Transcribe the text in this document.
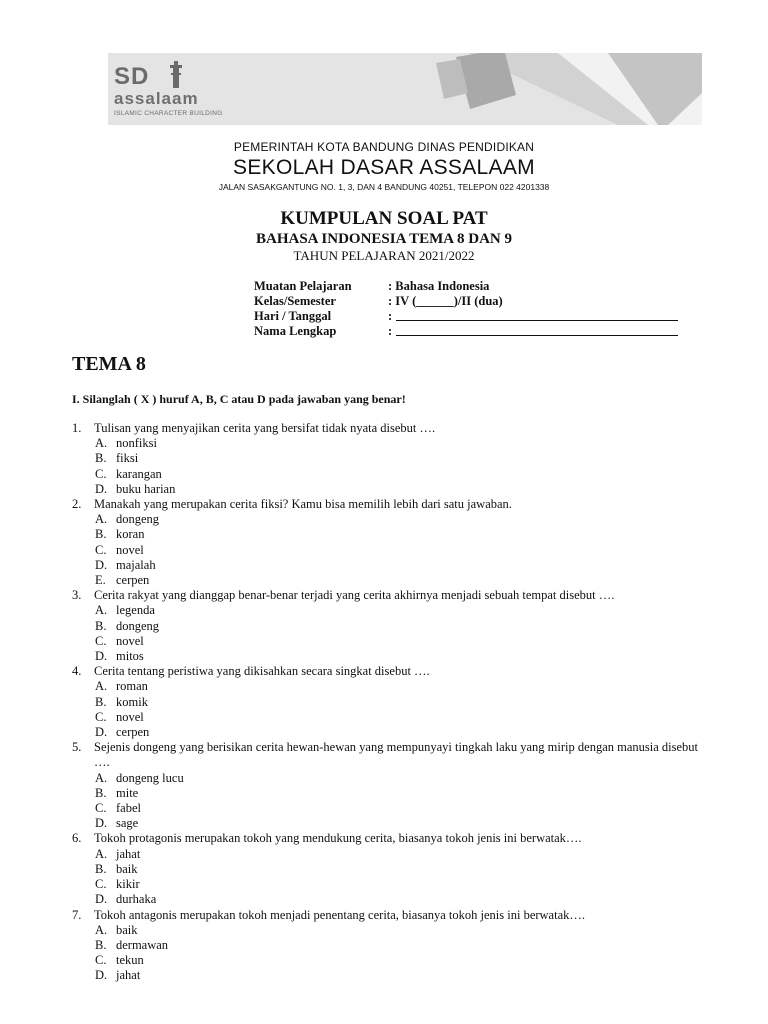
SD
assalaam
ISLAMIC CHARACTER BUILDING
PEMERINTAH KOTA BANDUNG DINAS PENDIDIKAN
SEKOLAH DASAR ASSALAAM
JALAN SASAKGANTUNG NO. 1, 3, DAN 4 BANDUNG 40251, TELEPON 022 4201338
KUMPULAN SOAL PAT
BAHASA INDONESIA TEMA 8 DAN 9
TAHUN PELAJARAN 2021/2022
Muatan Pelajaran	: Bahasa Indonesia
Kelas/Semester	: IV (______)/II (dua)
Hari / Tanggal	:
Nama Lengkap	:
TEMA 8
I. Silanglah ( X ) huruf A, B, C atau D pada jawaban yang benar!
1.	Tulisan yang menyajikan cerita yang bersifat tidak nyata disebut ….
A. nonfiksi
B. fiksi
C. karangan
D. buku harian
2.	Manakah yang merupakan cerita fiksi? Kamu bisa memilih lebih dari satu jawaban.
A. dongeng
B. koran
C. novel
D. majalah
E. cerpen
3.	Cerita rakyat yang dianggap benar-benar terjadi yang cerita akhirnya menjadi sebuah tempat disebut ….
A. legenda
B. dongeng
C. novel
D. mitos
4.	Cerita tentang peristiwa yang dikisahkan secara singkat disebut ….
A. roman
B. komik
C. novel
D. cerpen
5.	Sejenis dongeng yang berisikan cerita hewan-hewan yang mempunyayi tingkah laku yang mirip dengan manusia disebut ….
A. dongeng lucu
B. mite
C. fabel
D. sage
6.	Tokoh protagonis merupakan tokoh yang mendukung cerita, biasanya tokoh jenis ini berwatak….
A. jahat
B. baik
C. kikir
D. durhaka
7.	Tokoh antagonis merupakan tokoh menjadi penentang cerita, biasanya tokoh jenis ini berwatak….
A. baik
B. dermawan
C. tekun
D. jahat
